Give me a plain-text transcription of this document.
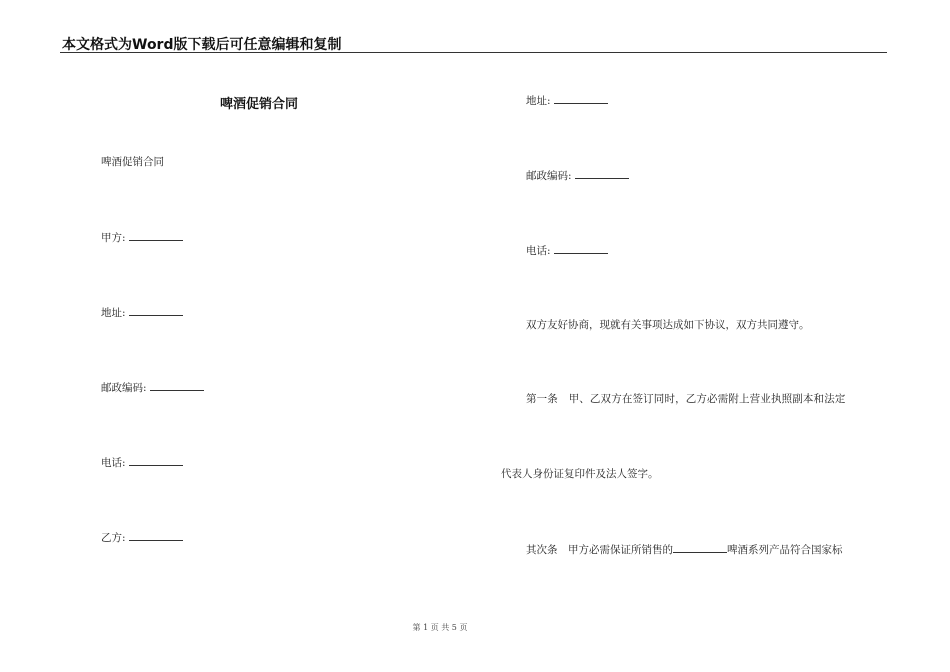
本文格式为Word版下载后可任意编辑和复制
啤酒促销合同
啤酒促销合同
甲方:
地址:
邮政编码:
电话:
乙方:
地址:
邮政编码:
电话:
双方友好协商，现就有关事项达成如下协议，双方共同遵守。
第一条　甲、乙双方在签订同时，乙方必需附上营业执照副本和法定
代表人身份证复印件及法人签字。
其次条　甲方必需保证所销售的	啤酒系列产品符合国家标
第 1 页 共 5 页
